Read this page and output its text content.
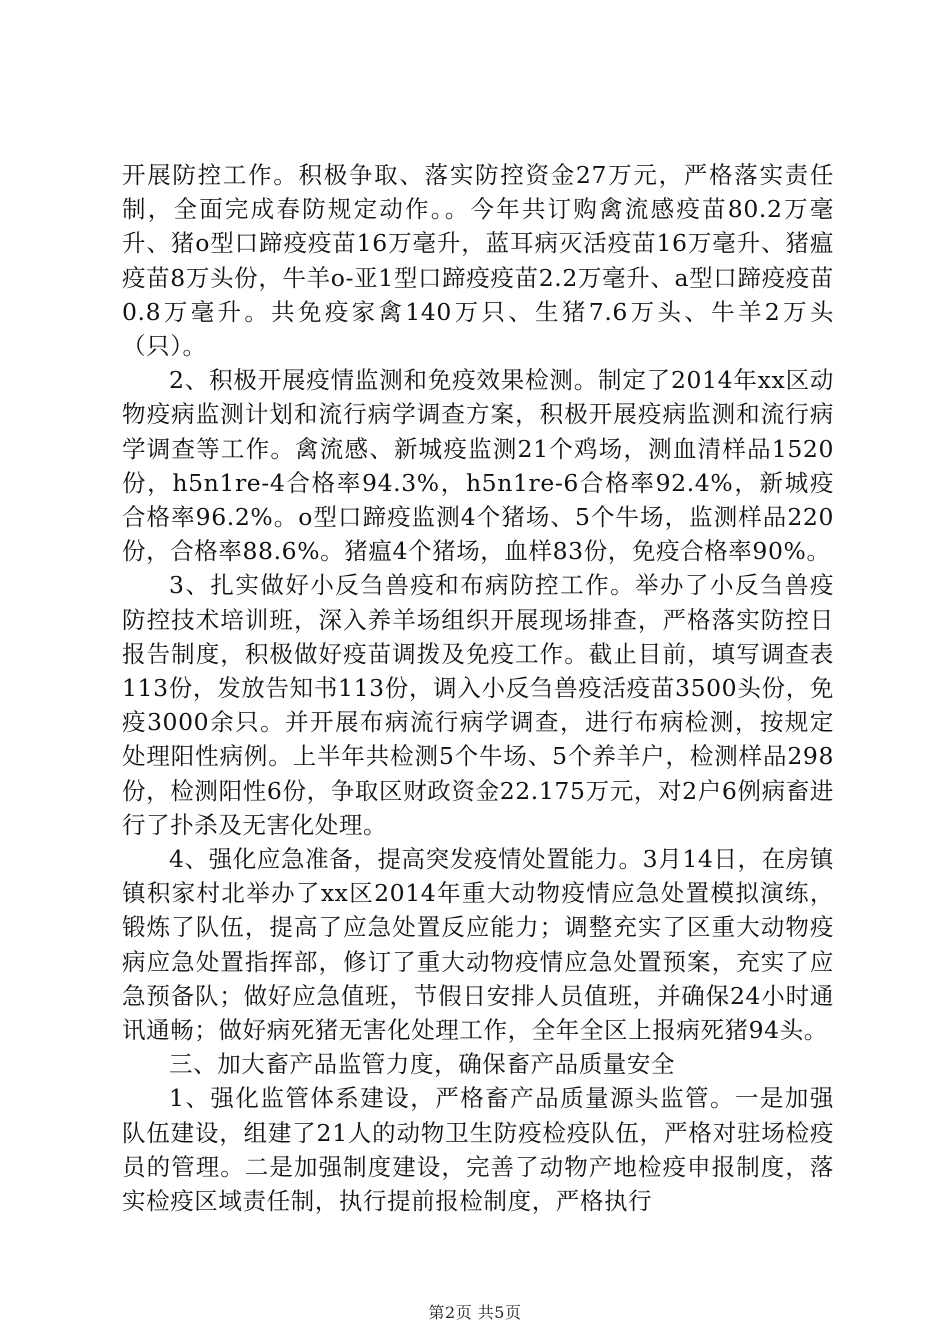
开展防控工作。积极争取、落实防控资金27万元，严格落实责任制，全面完成春防规定动作。。今年共订购禽流感疫苗80.2万毫升、猪o型口蹄疫疫苗16万毫升，蓝耳病灭活疫苗16万毫升、猪瘟疫苗8万头份，牛羊o-亚1型口蹄疫疫苗2.2万毫升、a型口蹄疫疫苗0.8万毫升。共免疫家禽140万只、生猪7.6万头、牛羊2万头（只）。

2、积极开展疫情监测和免疫效果检测。制定了2014年xx区动物疫病监测计划和流行病学调查方案，积极开展疫病监测和流行病学调查等工作。禽流感、新城疫监测21个鸡场，测血清样品1520份，h5n1re-4合格率94.3%，h5n1re-6合格率92.4%，新城疫合格率96.2%。o型口蹄疫监测4个猪场、5个牛场，监测样品220份，合格率88.6%。猪瘟4个猪场，血样83份，免疫合格率90%。

3、扎实做好小反刍兽疫和布病防控工作。举办了小反刍兽疫防控技术培训班，深入养羊场组织开展现场排查，严格落实防控日报告制度，积极做好疫苗调拨及免疫工作。截止目前，填写调查表113份，发放告知书113份，调入小反刍兽疫活疫苗3500头份，免疫3000余只。并开展布病流行病学调查，进行布病检测，按规定处理阳性病例。上半年共检测5个牛场、5个养羊户，检测样品298份，检测阳性6份，争取区财政资金22.175万元，对2户6例病畜进行了扑杀及无害化处理。

4、强化应急准备，提高突发疫情处置能力。3月14日，在房镇镇积家村北举办了xx区2014年重大动物疫情应急处置模拟演练，锻炼了队伍，提高了应急处置反应能力；调整充实了区重大动物疫病应急处置指挥部，修订了重大动物疫情应急处置预案，充实了应急预备队；做好应急值班，节假日安排人员值班，并确保24小时通讯通畅；做好病死猪无害化处理工作，全年全区上报病死猪94头。

三、加大畜产品监管力度，确保畜产品质量安全

1、强化监管体系建设，严格畜产品质量源头监管。一是加强队伍建设，组建了21人的动物卫生防疫检疫队伍，严格对驻场检疫员的管理。二是加强制度建设，完善了动物产地检疫申报制度，落实检疫区域责任制，执行提前报检制度，严格执行

第2页 共5页
